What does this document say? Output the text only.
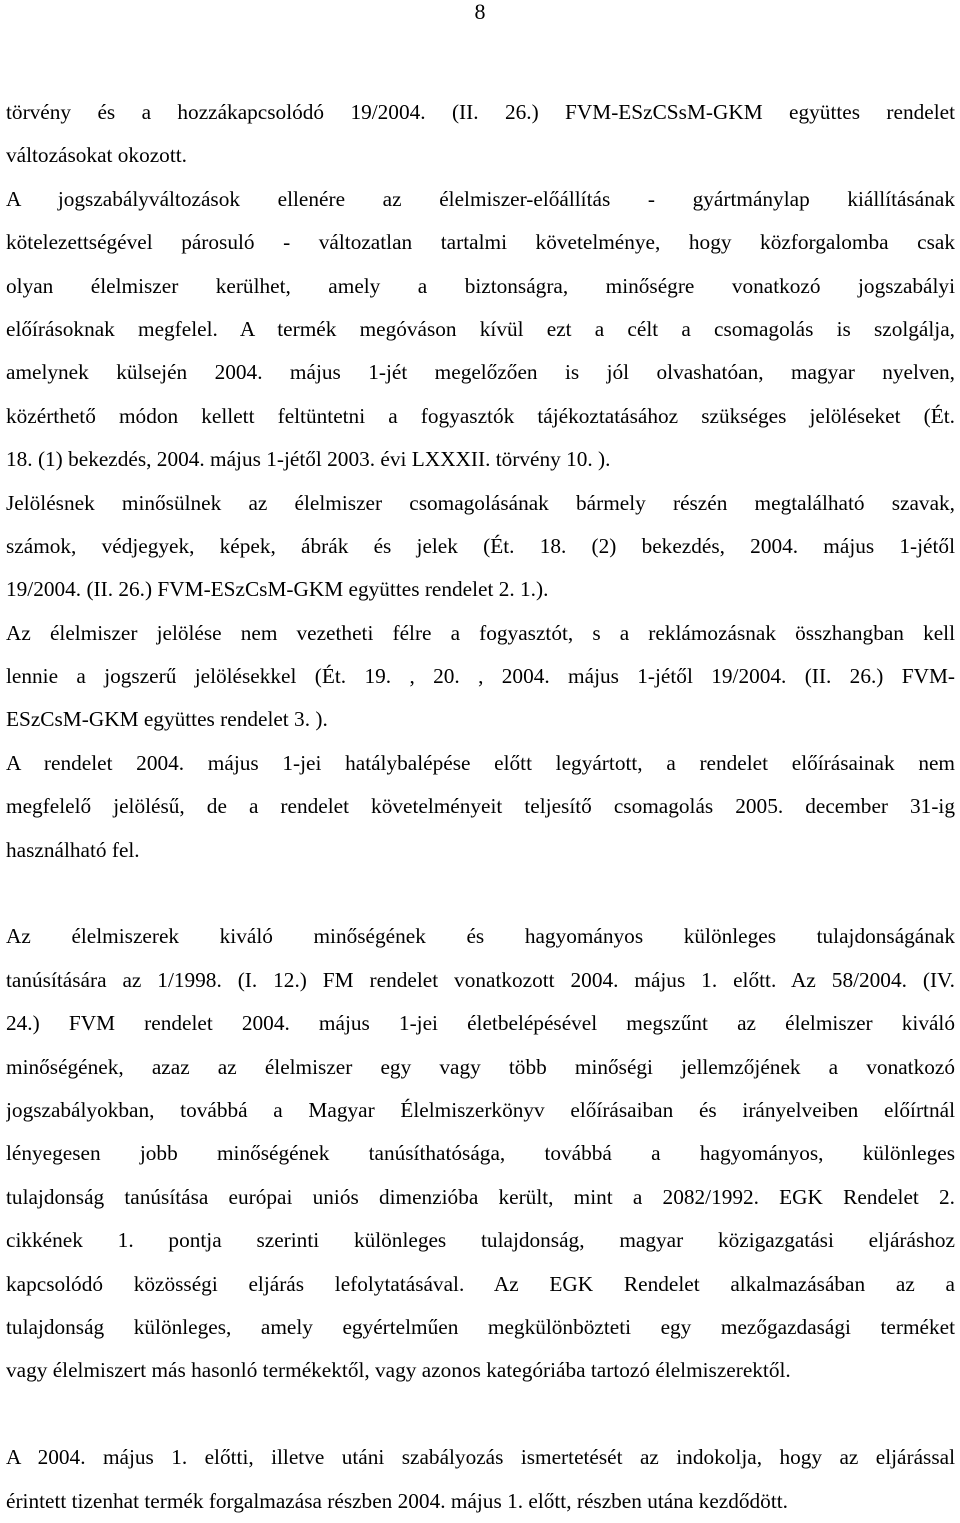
8
törvény és a hozzákapcsolódó 19/2004. (II. 26.) FVM-ESzCSsM-GKM együttes rendelet
változásokat okozott.
A jogszabályváltozások ellenére az élelmiszer-előállítás - gyártmánylap kiállításának
kötelezettségével párosuló - változatlan tartalmi követelménye, hogy közforgalomba csak
olyan élelmiszer kerülhet, amely a biztonságra, minőségre vonatkozó jogszabályi
előírásoknak megfelel. A termék megóváson kívül ezt a célt a csomagolás is szolgálja,
amelynek külsején 2004. május 1-jét megelőzően is jól olvashatóan, magyar nyelven,
közérthető módon kellett feltüntetni a fogyasztók tájékoztatásához szükséges jelöléseket (Ét.
18. (1) bekezdés, 2004. május 1-jétől 2003. évi LXXXII. törvény 10. ).
Jelölésnek minősülnek az élelmiszer csomagolásának bármely részén megtalálható szavak,
számok, védjegyek, képek, ábrák és jelek (Ét. 18. (2) bekezdés, 2004. május 1-jétől
19/2004. (II. 26.) FVM-ESzCsM-GKM együttes rendelet 2. 1.).
Az élelmiszer jelölése nem vezetheti félre a fogyasztót, s a reklámozásnak összhangban kell
lennie a jogszerű jelölésekkel (Ét. 19. , 20. , 2004. május 1-jétől 19/2004. (II. 26.) FVM-
ESzCsM-GKM együttes rendelet 3. ).
A rendelet 2004. május 1-jei hatálybalépése előtt legyártott, a rendelet előírásainak nem
megfelelő jelölésű, de a rendelet követelményeit teljesítő csomagolás 2005. december 31-ig
használható fel.
Az élelmiszerek kiváló minőségének és hagyományos különleges tulajdonságának
tanúsítására az 1/1998. (I. 12.) FM rendelet vonatkozott 2004. május 1. előtt. Az 58/2004. (IV.
24.) FVM rendelet 2004. május 1-jei életbelépésével megszűnt az élelmiszer kiváló
minőségének, azaz az élelmiszer egy vagy több minőségi jellemzőjének a vonatkozó
jogszabályokban, továbbá a Magyar Élelmiszerkönyv előírásaiban és irányelveiben előírtnál
lényegesen jobb minőségének tanúsíthatósága, továbbá a hagyományos, különleges
tulajdonság tanúsítása európai uniós dimenzióba került, mint a 2082/1992. EGK Rendelet 2.
cikkének 1. pontja szerinti különleges tulajdonság, magyar közigazgatási eljáráshoz
kapcsolódó közösségi eljárás lefolytatásával. Az EGK Rendelet alkalmazásában az a
tulajdonság különleges, amely egyértelműen megkülönbözteti egy mezőgazdasági terméket
vagy élelmiszert más hasonló termékektől, vagy azonos kategóriába tartozó élelmiszerektől.
A 2004. május 1. előtti, illetve utáni szabályozás ismertetését az indokolja, hogy az eljárással
érintett tizenhat termék forgalmazása részben 2004. május 1. előtt, részben utána kezdődött.
